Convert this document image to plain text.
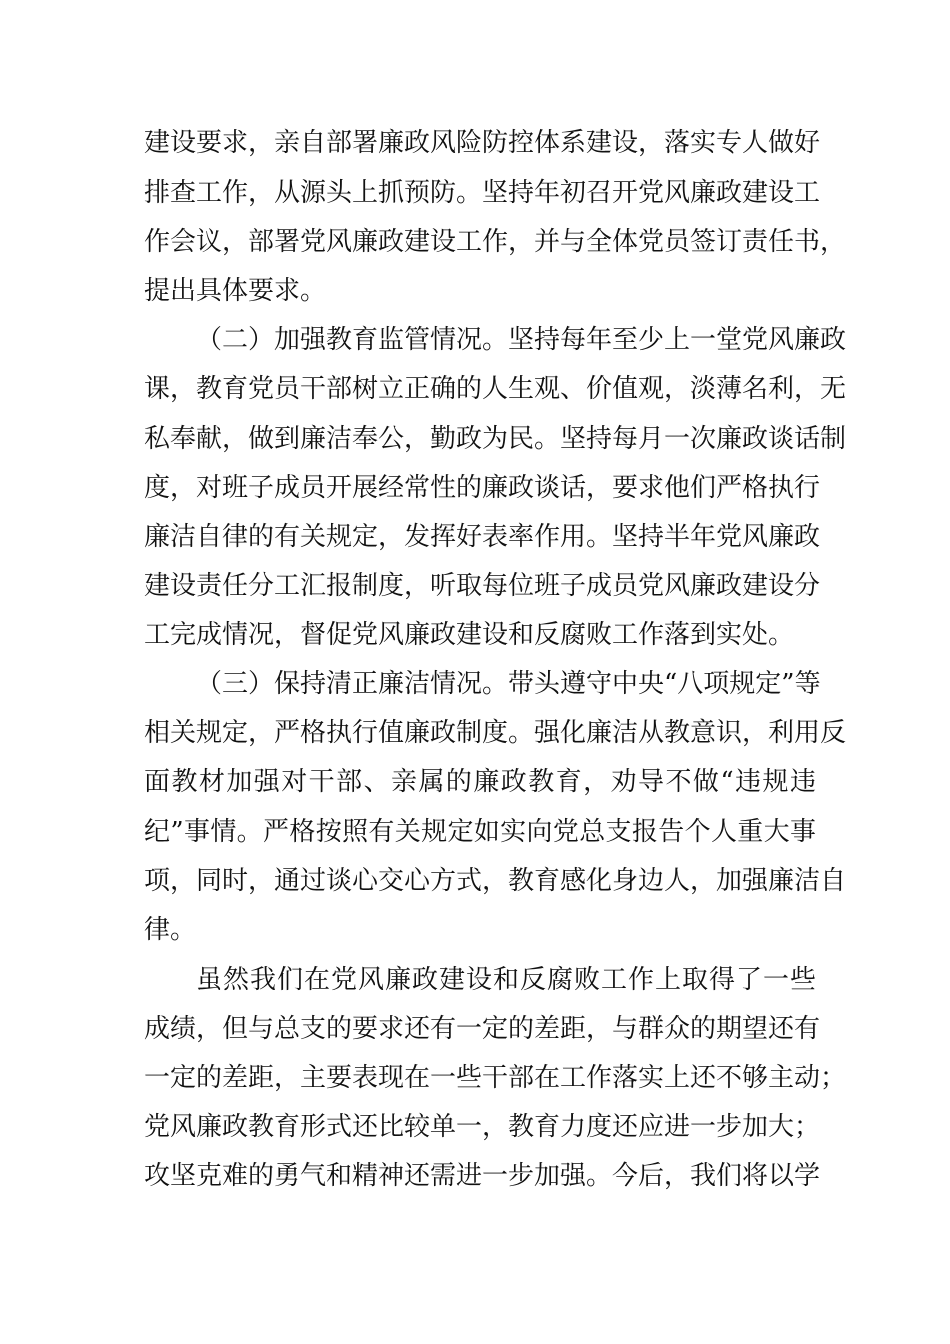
建设要求，亲自部署廉政风险防控体系建设，落实专人做好
排查工作，从源头上抓预防。坚持年初召开党风廉政建设工
作会议，部署党风廉政建设工作，并与全体党员签订责任书，
提出具体要求。
（二）加强教育监管情况。坚持每年至少上一堂党风廉政
课，教育党员干部树立正确的人生观、价值观，淡薄名利，无
私奉献，做到廉洁奉公，勤政为民。坚持每月一次廉政谈话制
度，对班子成员开展经常性的廉政谈话，要求他们严格执行
廉洁自律的有关规定，发挥好表率作用。坚持半年党风廉政
建设责任分工汇报制度，听取每位班子成员党风廉政建设分
工完成情况，督促党风廉政建设和反腐败工作落到实处。
（三）保持清正廉洁情况。带头遵守中央“八项规定”等
相关规定，严格执行值廉政制度。强化廉洁从教意识，利用反
面教材加强对干部、亲属的廉政教育，劝导不做“违规违
纪”事情。严格按照有关规定如实向党总支报告个人重大事
项，同时，通过谈心交心方式，教育感化身边人，加强廉洁自
律。
虽然我们在党风廉政建设和反腐败工作上取得了一些
成绩，但与总支的要求还有一定的差距，与群众的期望还有
一定的差距，主要表现在一些干部在工作落实上还不够主动；
党风廉政教育形式还比较单一，教育力度还应进一步加大；
攻坚克难的勇气和精神还需进一步加强。今后，我们将以学
